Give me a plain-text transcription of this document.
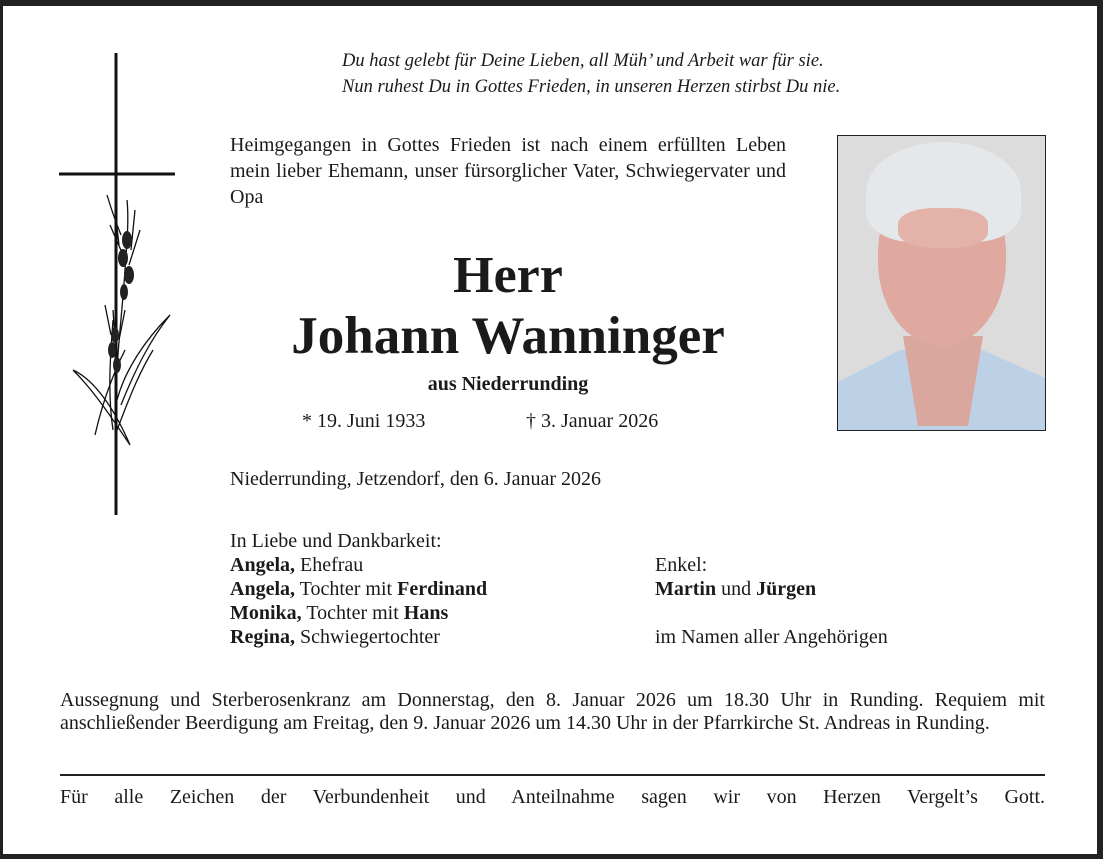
Du hast gelebt für Deine Lieben, all Müh’ und Arbeit war für sie.
Nun ruhest Du in Gottes Frieden, in unseren Herzen stirbst Du nie.
Heimgegangen in Gottes Frieden ist nach einem erfüllten Leben mein lieber Ehemann, unser fürsorglicher Vater, Schwiegervater und Opa
Herr
Johann Wanninger
aus Niederrunding
* 19. Juni 1933	† 3. Januar 2026
Niederrunding, Jetzendorf, den 6. Januar 2026
In Liebe und Dankbarkeit:
Angela, Ehefrau
Angela, Tochter mit Ferdinand
Monika, Tochter mit Hans
Regina, Schwiegertochter
Enkel:
Martin und Jürgen
im Namen aller Angehörigen
Aussegnung und Sterberosenkranz am Donnerstag, den 8. Januar 2026 um 18.30 Uhr in Runding. Requiem mit anschließender Beerdigung am Freitag, den 9. Januar 2026 um 14.30 Uhr in der Pfarrkirche St. Andreas in Runding.
Für alle Zeichen der Verbundenheit und Anteilnahme sagen wir von Herzen Vergelt’s Gott.
